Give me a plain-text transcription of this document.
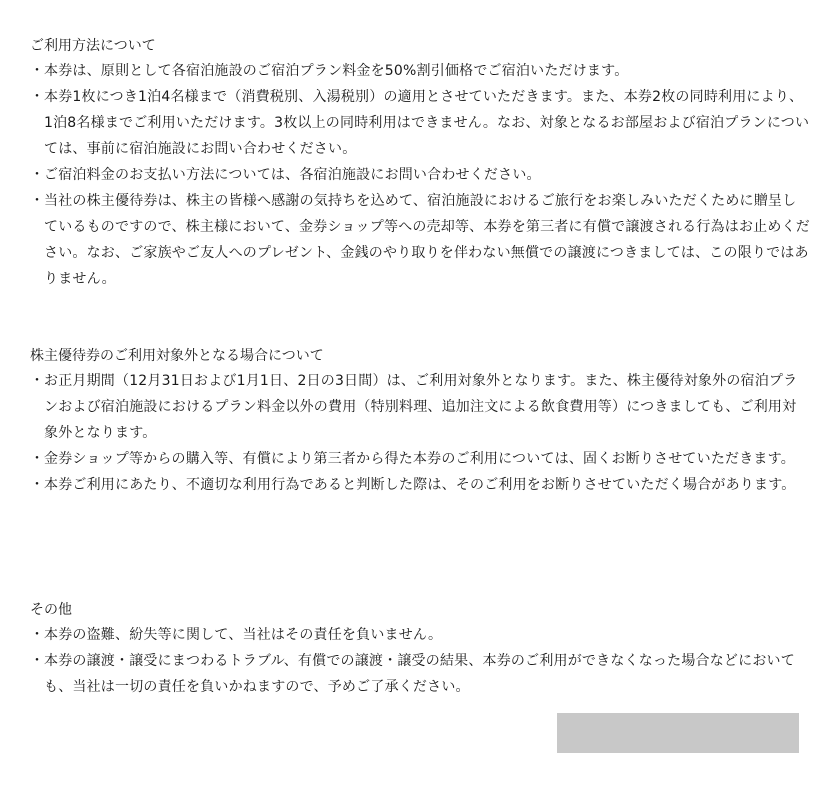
ご利用方法について
・ 本券は、原則として各宿泊施設のご宿泊プラン料金を50%割引価格でご宿泊いただけます。
・ 本券1枚につき1泊4名様まで（消費税別、入湯税別）の適用とさせていただきます。また、本券2枚の同時利用により、1泊8名様までご利用いただけます。3枚以上の同時利用はできません。なお、対象となるお部屋および宿泊プランについては、事前に宿泊施設にお問い合わせください。
・ ご宿泊料金のお支払い方法については、各宿泊施設にお問い合わせください。
・ 当社の株主優待券は、株主の皆様へ感謝の気持ちを込めて、宿泊施設におけるご旅行をお楽しみいただくために贈呈しているものですので、株主様において、金券ショップ等への売却等、本券を第三者に有償で譲渡される行為はお止めください。なお、ご家族やご友人へのプレゼント、金銭のやり取りを伴わない無償での譲渡につきましては、この限りではありません。
株主優待券のご利用対象外となる場合について
・ お正月期間（12月31日および1月1日、2日の3日間）は、ご利用対象外となります。また、株主優待対象外の宿泊プランおよび宿泊施設におけるプラン料金以外の費用（特別料理、追加注文による飲食費用等）につきましても、ご利用対象外となります。
・ 金券ショップ等からの購入等、有償により第三者から得た本券のご利用については、固くお断りさせていただきます。
・ 本券ご利用にあたり、不適切な利用行為であると判断した際は、そのご利用をお断りさせていただく場合があります。
その他
・ 本券の盗難、紛失等に関して、当社はその責任を負いません。
・ 本券の譲渡・譲受にまつわるトラブル、有償での譲渡・譲受の結果、本券のご利用ができなくなった場合などにおいても、当社は一切の責任を負いかねますので、予めご了承ください。
